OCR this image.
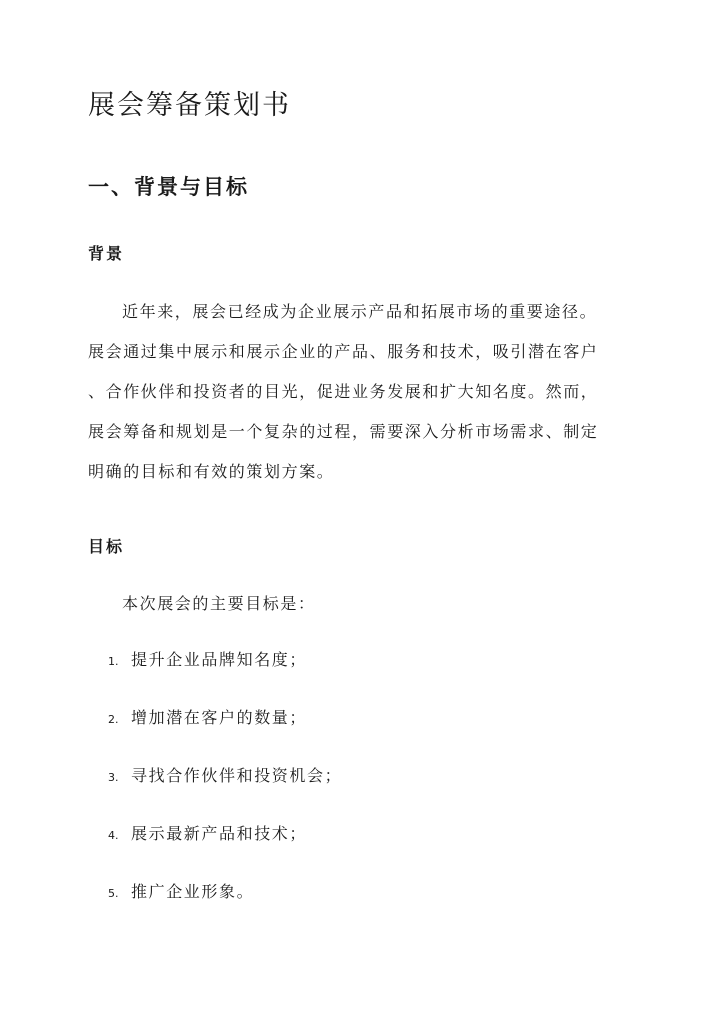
展会筹备策划书
一、背景与目标
背景
近年来，展会已经成为企业展示产品和拓展市场的重要途径。
展会通过集中展示和展示企业的产品、服务和技术，吸引潜在客户
、合作伙伴和投资者的目光，促进业务发展和扩大知名度。然而，
展会筹备和规划是一个复杂的过程，需要深入分析市场需求、制定
明确的目标和有效的策划方案。
目标
本次展会的主要目标是：
1. 提升企业品牌知名度；
2. 增加潜在客户的数量；
3. 寻找合作伙伴和投资机会；
4. 展示最新产品和技术；
5. 推广企业形象。
